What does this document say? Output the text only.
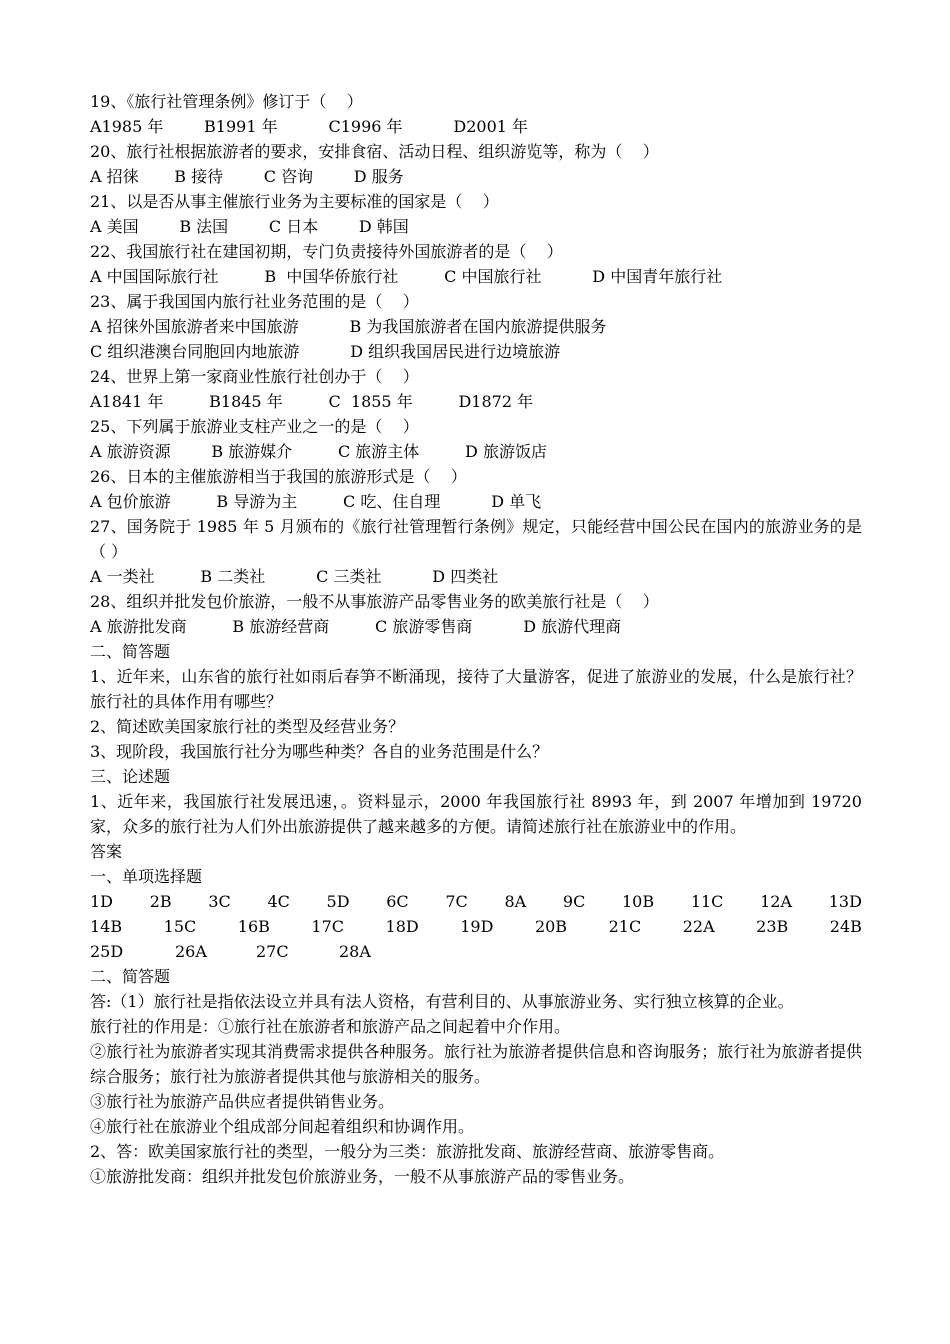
19、《旅行社管理条例》修订于（    ）
A1985 年        B1991 年          C1996 年          D2001 年
20、旅行社根据旅游者的要求，安排食宿、活动日程、组织游览等，称为（    ）
A 招徕       B 接待        C 咨询        D 服务
21、以是否从事主催旅行业务为主要标准的国家是（    ）
A 美国        B 法国        C 日本        D 韩国
22、我国旅行社在建国初期，专门负责接待外国旅游者的是（    ）
A 中国国际旅行社         B  中国华侨旅行社         C 中国旅行社          D 中国青年旅行社
23、属于我国国内旅行社业务范围的是（    ）
A 招徕外国旅游者来中国旅游          B 为我国旅游者在国内旅游提供服务
C 组织港澳台同胞回内地旅游          D 组织我国居民进行边境旅游
24、世界上第一家商业性旅行社创办于（    ）
A1841 年         B1845 年         C  1855 年         D1872 年
25、下列属于旅游业支柱产业之一的是（    ）
A 旅游资源        B 旅游媒介         C 旅游主体         D 旅游饭店
26、日本的主催旅游相当于我国的旅游形式是（    ）
A 包价旅游         B 导游为主         C 吃、住自理          D 单飞
27、国务院于 1985 年 5 月颁布的《旅行社管理暂行条例》规定，只能经营中国公民在国内的旅游业务的是（ ）
A 一类社         B 二类社          C 三类社          D 四类社
28、组织并批发包价旅游，一般不从事旅游产品零售业务的欧美旅行社是（    ）
A 旅游批发商         B 旅游经营商         C 旅游零售商          D 旅游代理商
二、简答题
1、近年来，山东省的旅行社如雨后春笋不断涌现，接待了大量游客，促进了旅游业的发展，什么是旅行社？旅行社的具体作用有哪些？
2、简述欧美国家旅行社的类型及经营业务？
3、现阶段，我国旅行社分为哪些种类？各自的业务范围是什么？
三、论述题
1、近年来，我国旅行社发展迅速，。资料显示，2000 年我国旅行社 8993 年，到 2007 年增加到 19720 家，众多的旅行社为人们外出旅游提供了越来越多的方便。请简述旅行社在旅游业中的作用。
答案
一、单项选择题
1D 2B 3C 4C 5D 6C 7C 8A 9C 10B 11C 12A 13D
14B	15C	16B	17C	18D	19D	20B	21C	22A	23B	24B
25D	26A	27C	28A
二、简答题
答:（1）旅行社是指依法设立并具有法人资格，有营利目的、从事旅游业务、实行独立核算的企业。
旅行社的作用是：①旅行社在旅游者和旅游产品之间起着中介作用。
②旅行社为旅游者实现其消费需求提供各种服务。旅行社为旅游者提供信息和咨询服务；旅行社为旅游者提供综合服务；旅行社为旅游者提供其他与旅游相关的服务。
③旅行社为旅游产品供应者提供销售业务。
④旅行社在旅游业个组成部分间起着组织和协调作用。
2、答：欧美国家旅行社的类型，一般分为三类：旅游批发商、旅游经营商、旅游零售商。
①旅游批发商：组织并批发包价旅游业务，一般不从事旅游产品的零售业务。
